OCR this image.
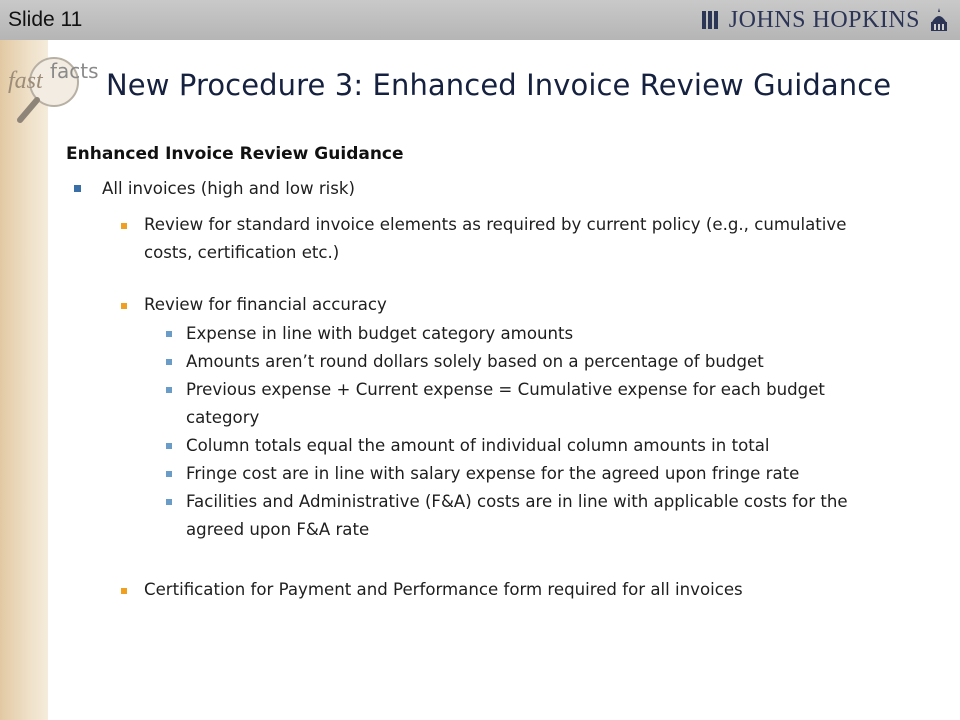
Slide 11	JOHNS HOPKINS
fast facts New Procedure 3: Enhanced Invoice Review Guidance
Enhanced Invoice Review Guidance
All invoices (high and low risk)
Review for standard invoice elements as required by current policy (e.g., cumulative costs, certification etc.)
Review for financial accuracy
Expense in line with budget category amounts
Amounts aren’t round dollars solely based on a percentage of budget
Previous expense + Current expense = Cumulative expense for each budget category
Column totals equal the amount of individual column amounts in total
Fringe cost are in line with salary expense for the agreed upon fringe rate
Facilities and Administrative (F&A) costs are in line with applicable costs for the agreed upon F&A rate
Certification for Payment and Performance form required for all invoices
